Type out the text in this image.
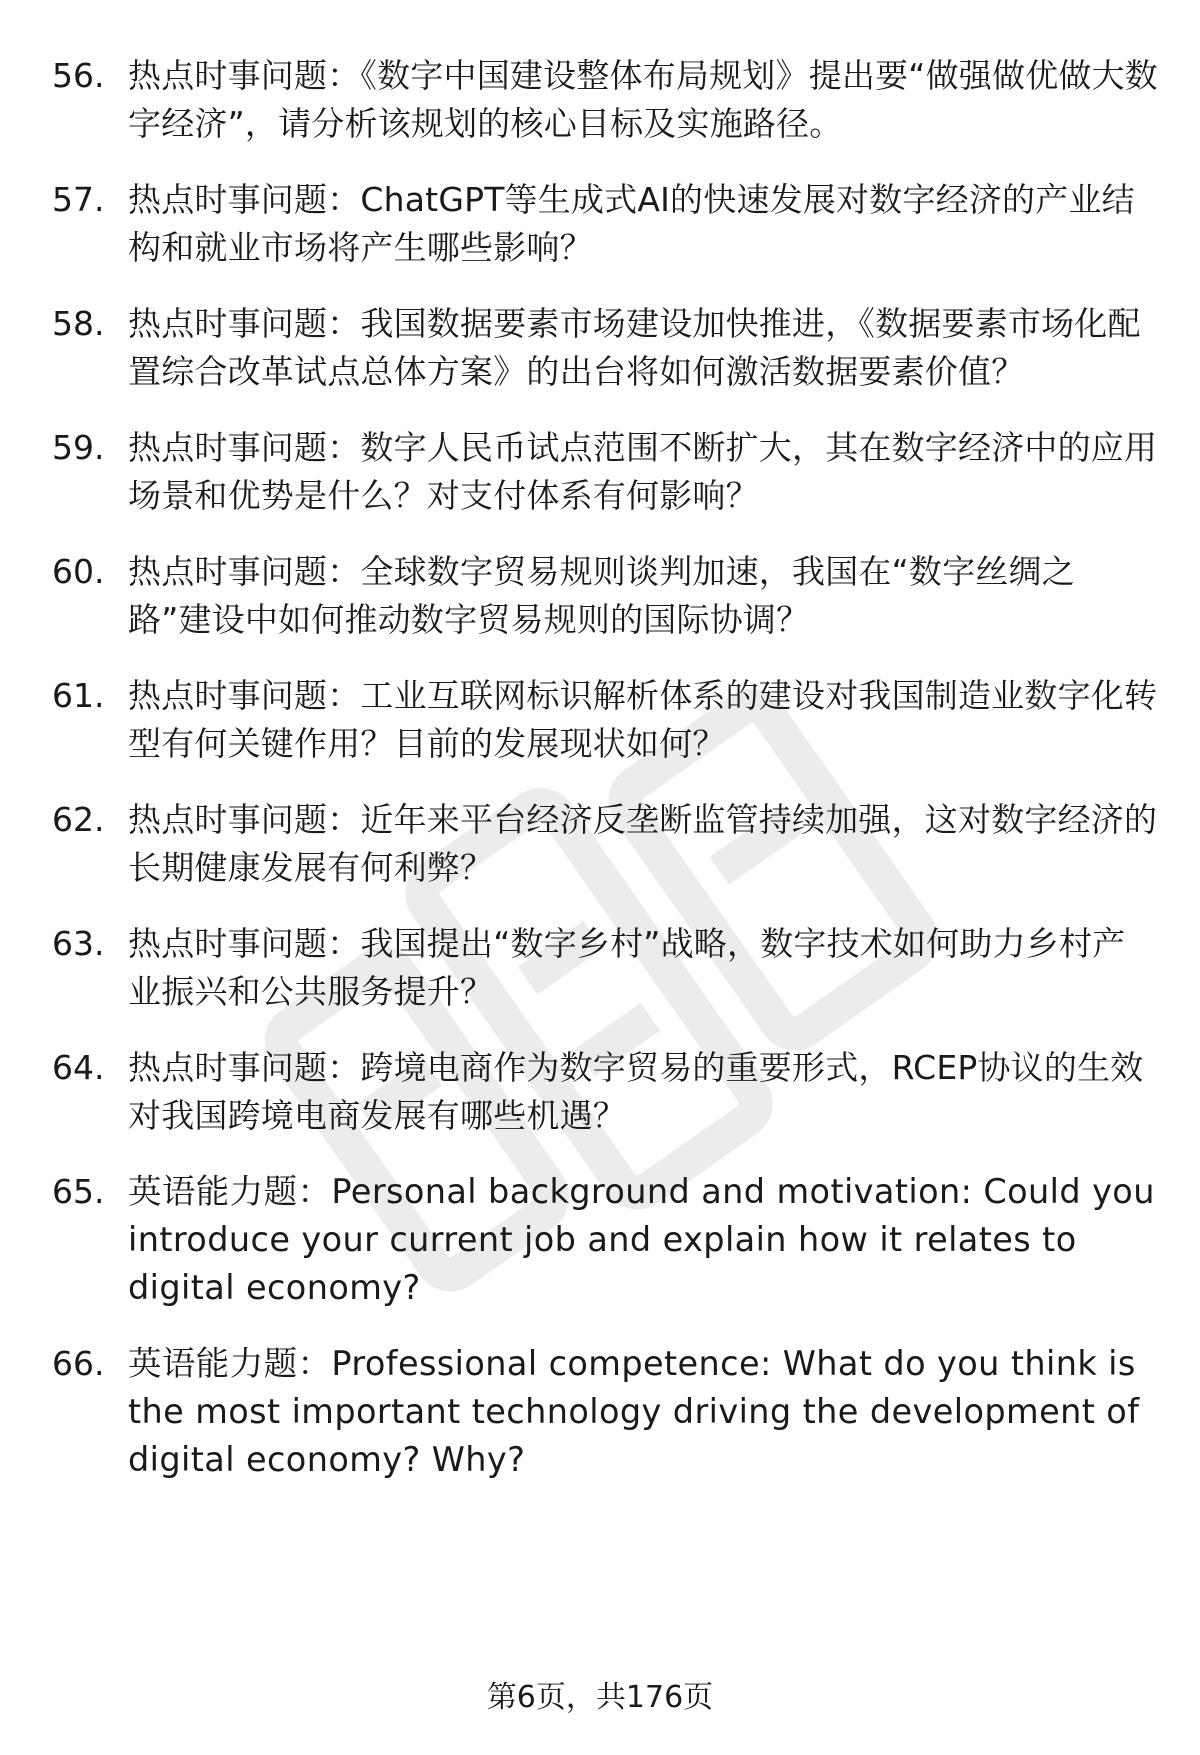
56. 热点时事问题：《数字中国建设整体布局规划》提出要“做强做优做大数字经济”，请分析该规划的核心目标及实施路径。
57. 热点时事问题：ChatGPT等生成式AI的快速发展对数字经济的产业结构和就业市场将产生哪些影响？
58. 热点时事问题：我国数据要素市场建设加快推进，《数据要素市场化配置综合改革试点总体方案》的出台将如何激活数据要素价值？
59. 热点时事问题：数字人民币试点范围不断扩大，其在数字经济中的应用场景和优势是什么？对支付体系有何影响？
60. 热点时事问题：全球数字贸易规则谈判加速，我国在“数字丝绸之路”建设中如何推动数字贸易规则的国际协调？
61. 热点时事问题：工业互联网标识解析体系的建设对我国制造业数字化转型有何关键作用？目前的发展现状如何？
62. 热点时事问题：近年来平台经济反垄断监管持续加强，这对数字经济的长期健康发展有何利弊？
63. 热点时事问题：我国提出“数字乡村”战略，数字技术如何助力乡村产业振兴和公共服务提升？
64. 热点时事问题：跨境电商作为数字贸易的重要形式，RCEP协议的生效对我国跨境电商发展有哪些机遇？
65. 英语能力题：Personal background and motivation: Could you introduce your current job and explain how it relates to digital economy?
66. 英语能力题：Professional competence: What do you think is the most important technology driving the development of digital economy? Why?
第6页，共176页
